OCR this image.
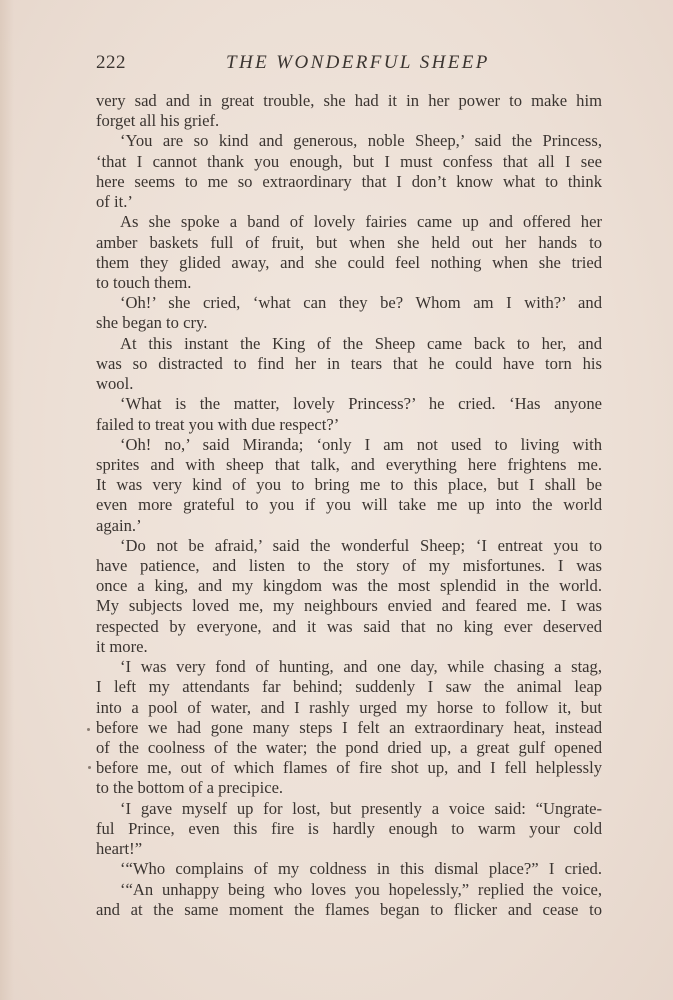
222	THE WONDERFUL SHEEP
very sad and in great trouble, she had it in her power to make him
forget all his grief.
‘You are so kind and generous, noble Sheep,’ said the Princess,
‘that I cannot thank you enough, but I must confess that all I see
here seems to me so extraordinary that I don’t know what to think
of it.’
As she spoke a band of lovely fairies came up and offered her
amber baskets full of fruit, but when she held out her hands to
them they glided away, and she could feel nothing when she tried
to touch them.
‘Oh!’ she cried, ‘what can they be? Whom am I with?’ and
she began to cry.
At this instant the King of the Sheep came back to her, and
was so distracted to find her in tears that he could have torn his
wool.
‘What is the matter, lovely Princess?’ he cried. ‘Has anyone
failed to treat you with due respect?’
‘Oh! no,’ said Miranda; ‘only I am not used to living with
sprites and with sheep that talk, and everything here frightens me.
It was very kind of you to bring me to this place, but I shall be
even more grateful to you if you will take me up into the world
again.’
‘Do not be afraid,’ said the wonderful Sheep; ‘I entreat you to
have patience, and listen to the story of my misfortunes. I was
once a king, and my kingdom was the most splendid in the world.
My subjects loved me, my neighbours envied and feared me. I was
respected by everyone, and it was said that no king ever deserved
it more.
‘I was very fond of hunting, and one day, while chasing a stag,
I left my attendants far behind; suddenly I saw the animal leap
into a pool of water, and I rashly urged my horse to follow it, but
before we had gone many steps I felt an extraordinary heat, instead
of the coolness of the water; the pond dried up, a great gulf opened
before me, out of which flames of fire shot up, and I fell helplessly
to the bottom of a precipice.
‘I gave myself up for lost, but presently a voice said: “Ungrate-
ful Prince, even this fire is hardly enough to warm your cold
heart!”
‘“Who complains of my coldness in this dismal place?” I cried.
‘“An unhappy being who loves you hopelessly,” replied the voice,
and at the same moment the flames began to flicker and cease to
